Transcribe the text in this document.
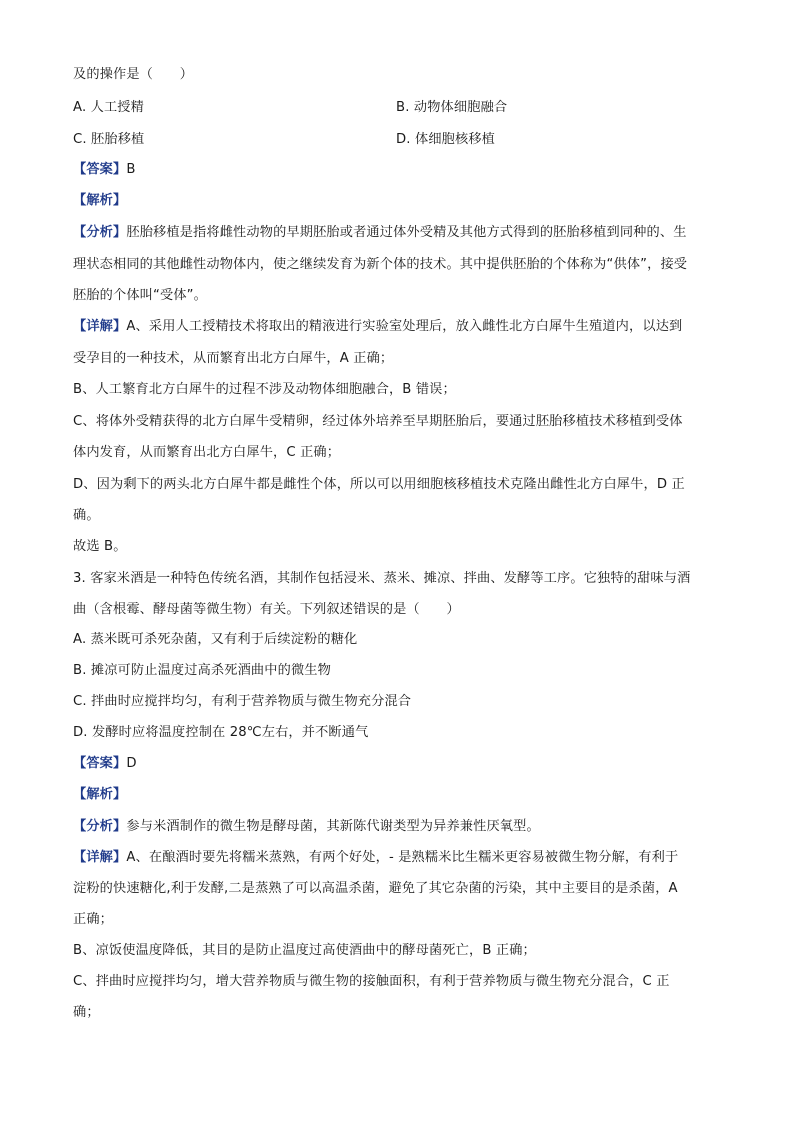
及的操作是（　　）
A. 人工授精	B. 动物体细胞融合
C. 胚胎移植	D. 体细胞核移植
【答案】B
【解析】
【分析】胚胎移植是指将雌性动物的早期胚胎或者通过体外受精及其他方式得到的胚胎移植到同种的、生
理状态相同的其他雌性动物体内，使之继续发育为新个体的技术。其中提供胚胎的个体称为“供体”，接受
胚胎的个体叫“受体”。
【详解】A、采用人工授精技术将取出的精液进行实验室处理后，放入雌性北方白犀牛生殖道内，以达到
受孕目的一种技术，从而繁育出北方白犀牛，A 正确；
B、人工繁育北方白犀牛的过程不涉及动物体细胞融合，B 错误；
C、将体外受精获得的北方白犀牛受精卵，经过体外培养至早期胚胎后，要通过胚胎移植技术移植到受体
体内发育，从而繁育出北方白犀牛，C 正确；
D、因为剩下的两头北方白犀牛都是雌性个体，所以可以用细胞核移植技术克隆出雌性北方白犀牛，D 正
确。
故选 B。
3. 客家米酒是一种特色传统名酒，其制作包括浸米、蒸米、摊凉、拌曲、发酵等工序。它独特的甜味与酒
曲（含根霉、酵母菌等微生物）有关。下列叙述错误的是（　　）
A. 蒸米既可杀死杂菌，又有利于后续淀粉的糖化
B. 摊凉可防止温度过高杀死酒曲中的微生物
C. 拌曲时应搅拌均匀，有利于营养物质与微生物充分混合
D. 发酵时应将温度控制在 28℃左右，并不断通气
【答案】D
【解析】
【分析】参与米酒制作的微生物是酵母菌，其新陈代谢类型为异养兼性厌氧型。
【详解】A、在酿酒时要先将糯米蒸熟，有两个好处，- 是熟糯米比生糯米更容易被微生物分解，有利于
淀粉的快速糖化,利于发酵,二是蒸熟了可以高温杀菌，避免了其它杂菌的污染，其中主要目的是杀菌，A
正确；
B、凉饭使温度降低，其目的是防止温度过高使酒曲中的酵母菌死亡，B 正确；
C、拌曲时应搅拌均匀，增大营养物质与微生物的接触面积，有利于营养物质与微生物充分混合，C 正
确；
